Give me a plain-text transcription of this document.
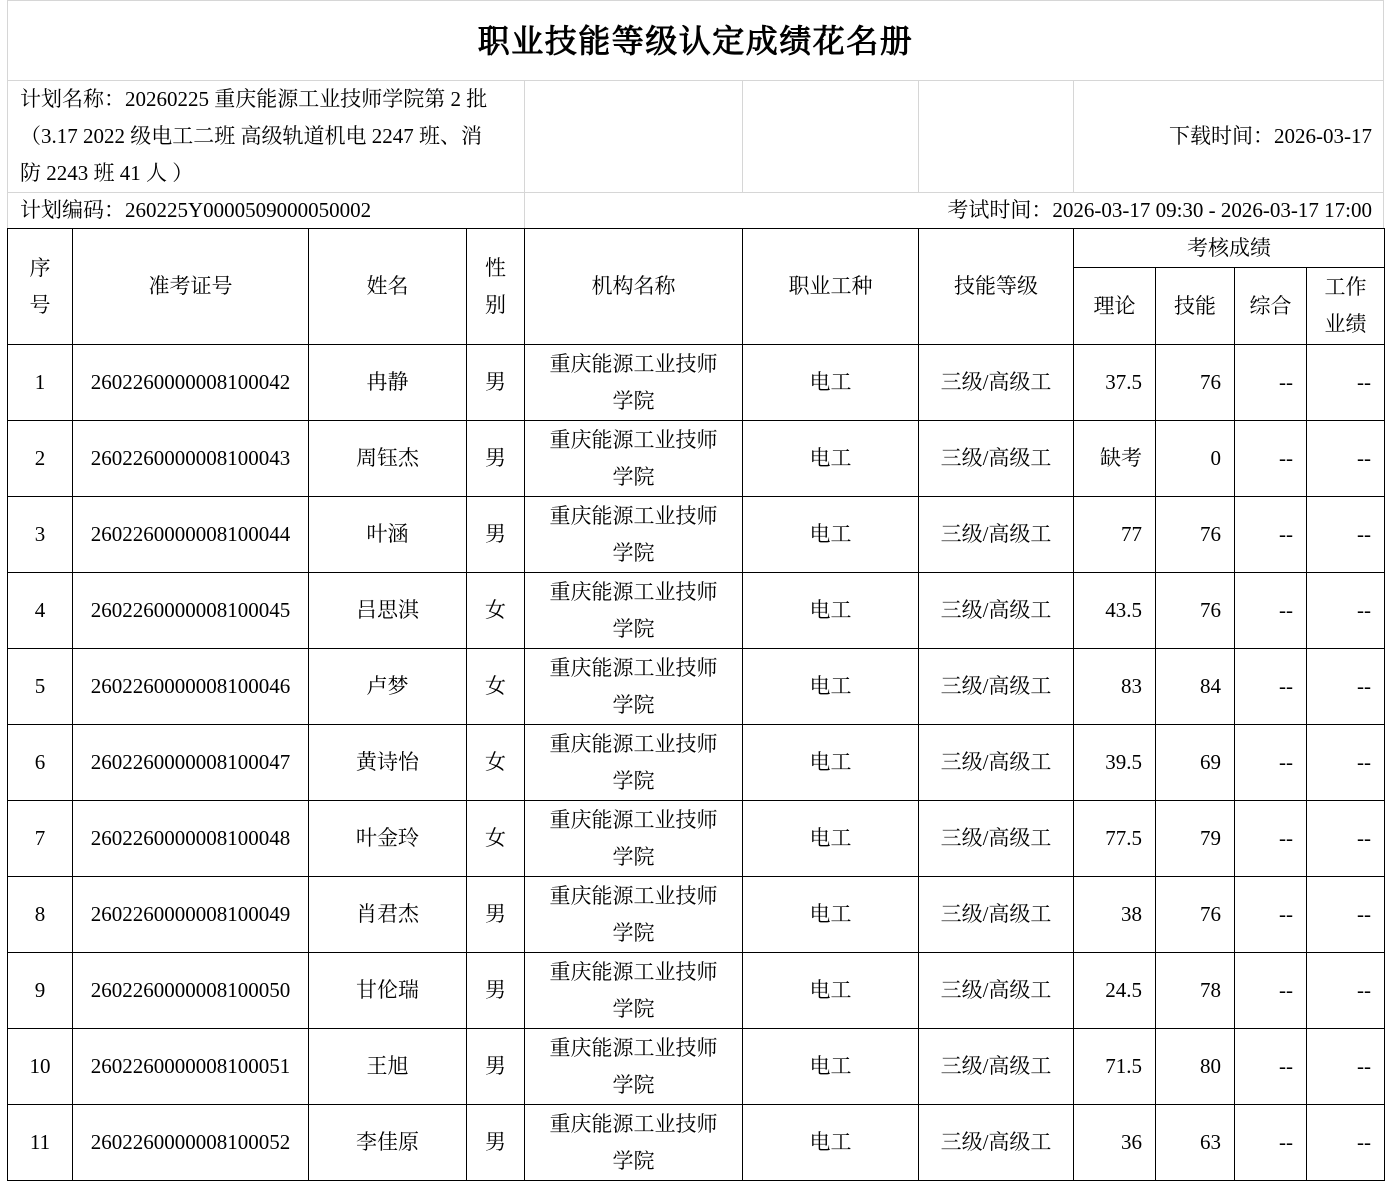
职业技能等级认定成绩花名册
计划名称：20260225 重庆能源工业技师学院第 2 批（3.17 2022 级电工二班 高级轨道机电 2247 班、消防 2243 班 41 人 ）
下载时间： 2026-03-17
计划编码： 260225Y0000509000050002	考试时间： 2026-03-17 09:30 - 2026-03-17 17:00
序号	准考证号	姓名	性别	机构名称	职业工种	技能等级	考核成绩			
							理论	技能	综合	工作业绩

1	2602260000008100042	冉静	男	重庆能源工业技师学院	电工	三级/高级工	37.5	76	--	--
2	2602260000008100043	周钰杰	男	重庆能源工业技师学院	电工	三级/高级工	缺考	0	--	--
3	2602260000008100044	叶涵	男	重庆能源工业技师学院	电工	三级/高级工	77	76	--	--
4	2602260000008100045	吕思淇	女	重庆能源工业技师学院	电工	三级/高级工	43.5	76	--	--
5	2602260000008100046	卢梦	女	重庆能源工业技师学院	电工	三级/高级工	83	84	--	--
6	2602260000008100047	黄诗怡	女	重庆能源工业技师学院	电工	三级/高级工	39.5	69	--	--
7	2602260000008100048	叶金玲	女	重庆能源工业技师学院	电工	三级/高级工	77.5	79	--	--
8	2602260000008100049	肖君杰	男	重庆能源工业技师学院	电工	三级/高级工	38	76	--	--
9	2602260000008100050	甘伦瑞	男	重庆能源工业技师学院	电工	三级/高级工	24.5	78	--	--
10	2602260000008100051	王旭	男	重庆能源工业技师学院	电工	三级/高级工	71.5	80	--	--
11	2602260000008100052	李佳原	男	重庆能源工业技师学院	电工	三级/高级工	36	63	--	--
